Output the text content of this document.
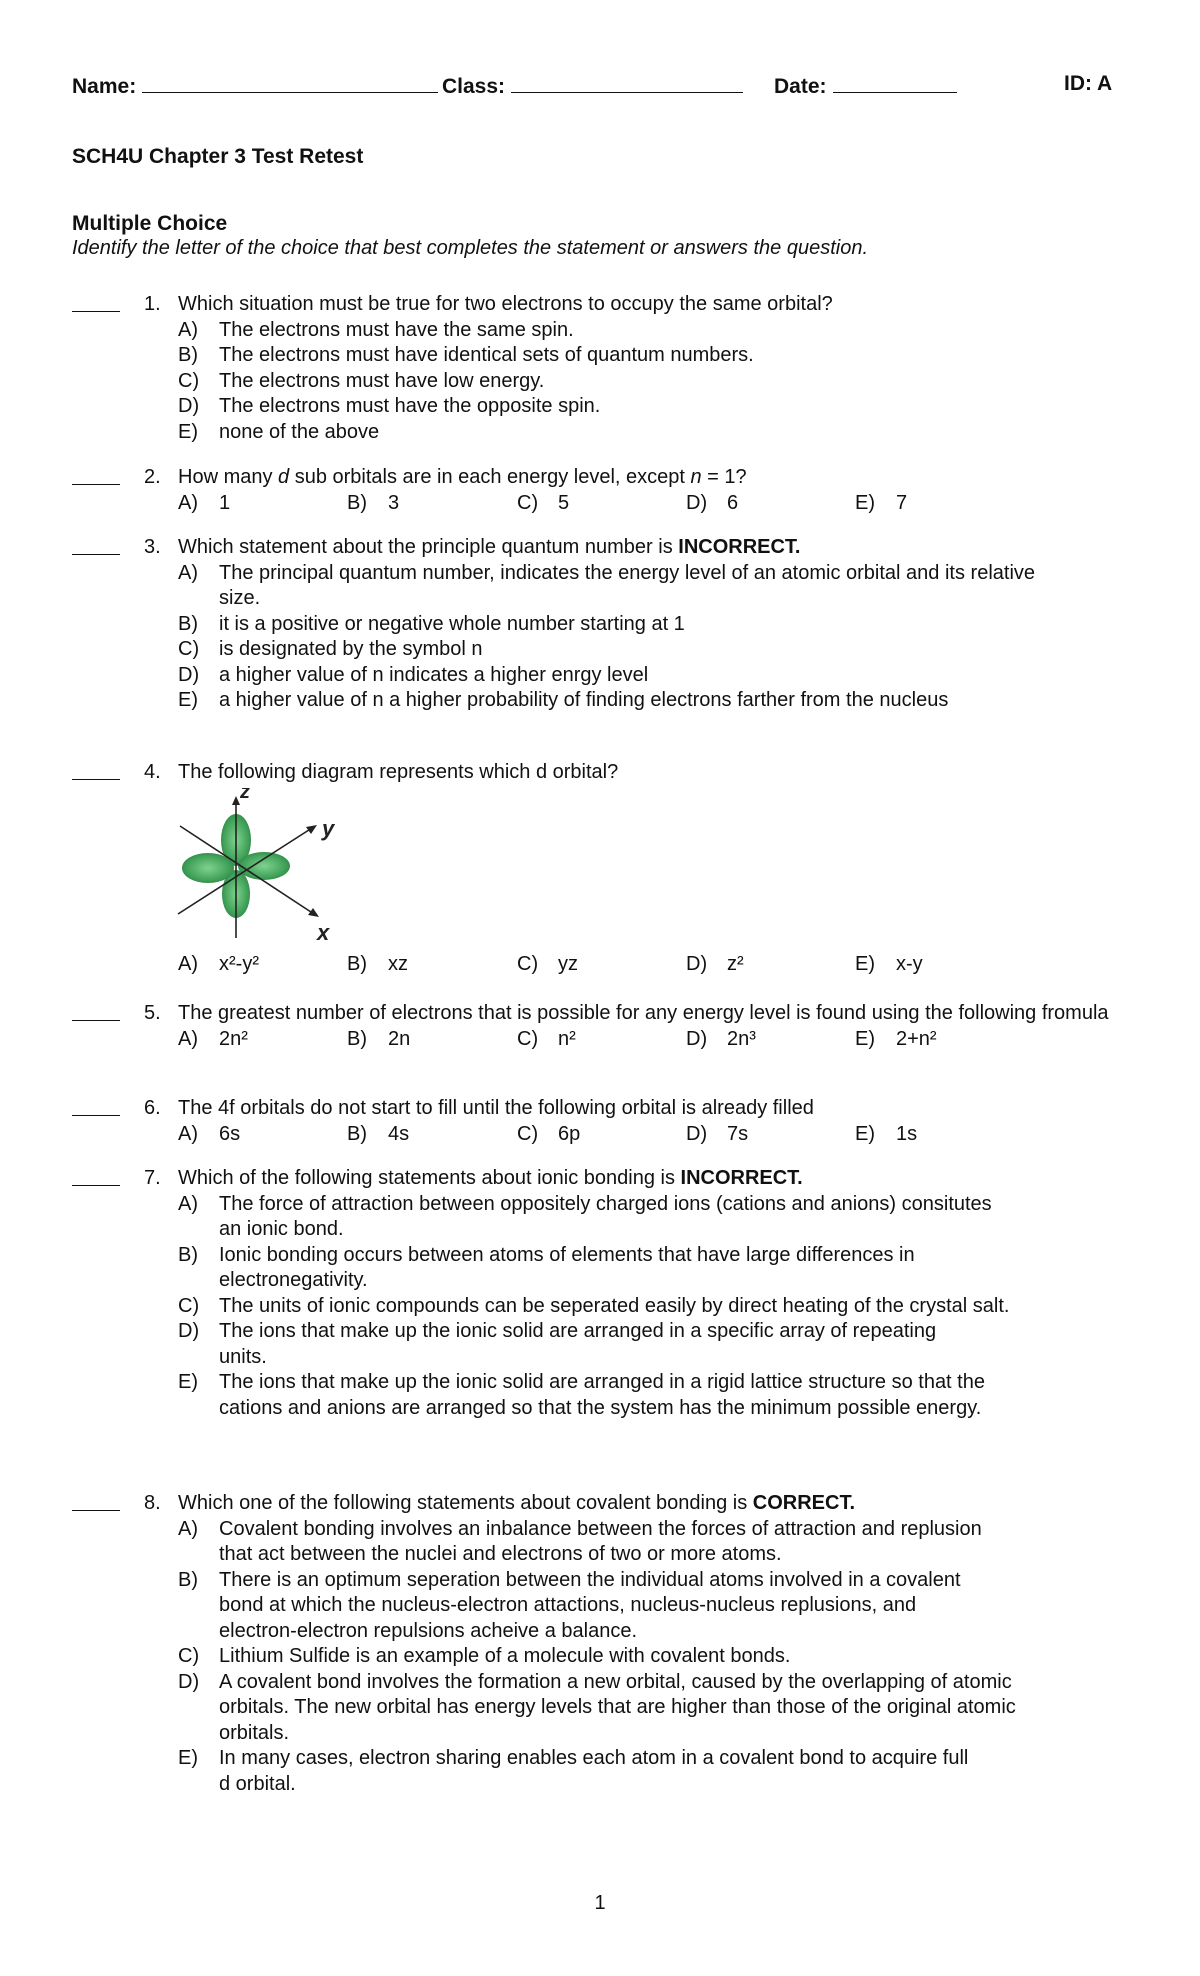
Name:	Class:	Date:	ID: A
SCH4U Chapter 3 Test Retest
Multiple Choice
Identify the letter of the choice that best completes the statement or answers the question.
1. Which situation must be true for two electrons to occupy the same orbital?
A) The electrons must have the same spin.
B) The electrons must have identical sets of quantum numbers.
C) The electrons must have low energy.
D) The electrons must have the opposite spin.
E) none of the above
2. How many d sub orbitals are in each energy level, except n = 1?
A) 1	B) 3	C) 5	D) 6	E) 7
3. Which statement about the principle quantum number is INCORRECT.
A) The principal quantum number, indicates the energy level of an atomic orbital and its relative size.
B) it is a positive or negative whole number starting at 1
C) is designated by the symbol n
D) a higher value of n indicates a higher enrgy level
E) a higher value of n a higher probability of finding electrons farther from the nucleus
4. The following diagram represents which d orbital?
z
y
x
A) x²-y²	B) xz	C) yz	D) z²	E) x-y
5. The greatest number of electrons that is possible for any energy level is found using the following fromula
A) 2n²	B) 2n	C) n²	D) 2n³	E) 2+n²
6. The 4f orbitals do not start to fill until the following orbital is already filled
A) 6s	B) 4s	C) 6p	D) 7s	E) 1s
7. Which of the following statements about ionic bonding is INCORRECT.
A) The force of attraction between oppositely charged ions (cations and anions) consitutes an ionic bond.
B) Ionic bonding occurs between atoms of elements that have large differences in electronegativity.
C) The units of ionic compounds can be seperated easily by direct heating of the crystal salt.
D) The ions that make up the ionic solid are arranged in a specific array of repeating units.
E) The ions that make up the ionic solid are arranged in a rigid lattice structure so that the cations and anions are arranged so that the system has the minimum possible energy.
8. Which one of the following statements about covalent bonding is CORRECT.
A) Covalent bonding involves an inbalance between the forces of attraction and replusion that act between the nuclei and electrons of two or more atoms.
B) There is an optimum seperation between the individual atoms involved in a covalent bond at which the nucleus-electron attactions, nucleus-nucleus replusions, and electron-electron repulsions acheive a balance.
C) Lithium Sulfide is an example of a molecule with covalent bonds.
D) A covalent bond involves the formation a new orbital, caused by the overlapping of atomic orbitals. The new orbital has energy levels that are higher than those of the original atomic orbitals.
E) In many cases, electron sharing enables each atom in a covalent bond to acquire full d orbital.
1
